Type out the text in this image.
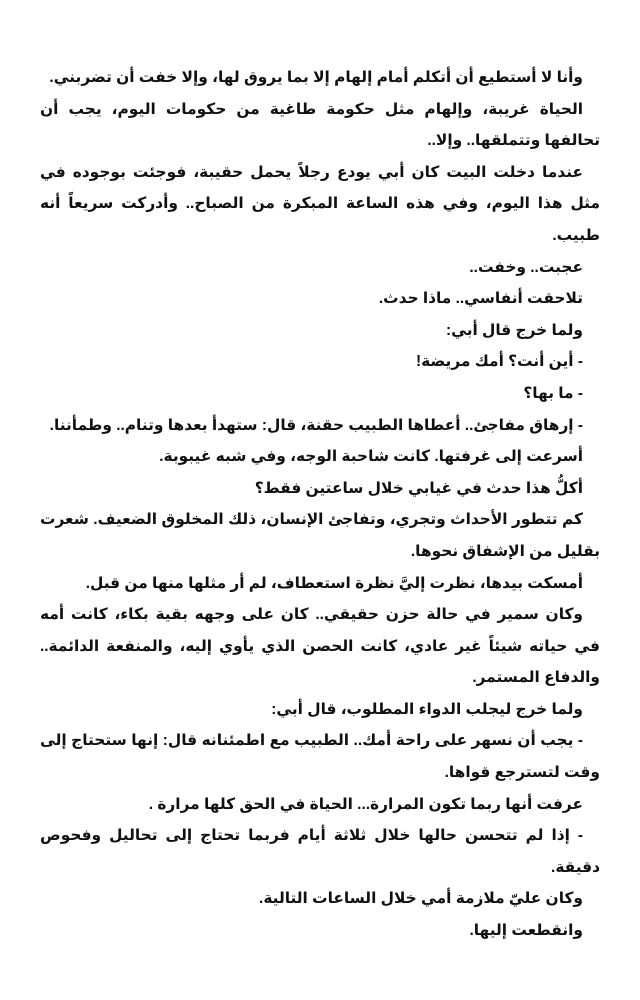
وأنا لا أستطيع أن أتكلم أمام إلهام إلا بما يروق لها، وإلا خفت أن تضربني.

الحياة غريبة، وإلهام مثل حكومة طاغية من حكومات اليوم، يجب أن تحالفها وتتملقها.. وإلا..

عندما دخلت البيت كان أبي يودع رجلاً يحمل حقيبة، فوجئت بوجوده في مثل هذا اليوم، وفي هذه الساعة المبكرة من الصباح.. وأدركت سريعاً أنه طبيب.

عجبت.. وخفت..

تلاحقت أنفاسي.. ماذا حدث.

ولما خرج قال أبي:

- أين أنت؟ أمك مريضة!

- ما بها؟

- إرهاق مفاجئ.. أعطاها الطبيب حقنة، قال: ستهدأ بعدها وتنام.. وطمأننا.

أسرعت إلى غرفتها. كانت شاحبة الوجه، وفي شبه غيبوبة.

أكلُّ هذا حدث في غيابي خلال ساعتين فقط؟

كم تتطور الأحداث وتجري، وتفاجئ الإنسان، ذلك المخلوق الضعيف. شعرت بقليل من الإشفاق نحوها.

أمسكت بيدها، نظرت إليَّ نظرة استعطاف، لم أر مثلها منها من قبل.

وكان سمير في حالة حزن حقيقي.. كان على وجهه بقية بكاء، كانت أمه في حياته شيئاً غير عادي، كانت الحصن الذي يأوي إليه، والمنفعة الدائمة.. والدفاع المستمر.

ولما خرج ليجلب الدواء المطلوب، قال أبي:

- يجب أن نسهر على راحة أمك.. الطبيب مع اطمئنانه قال: إنها ستحتاج إلى وقت لتسترجع قواها.

عرفت أنها ربما تكون المرارة... الحياة في الحق كلها مرارة .

- إذا لم تتحسن حالها خلال ثلاثة أيام فربما تحتاج إلى تحاليل وفحوص دقيقة.

وكان عليّ ملازمة أمي خلال الساعات التالية.

وانقطعت إليها.
